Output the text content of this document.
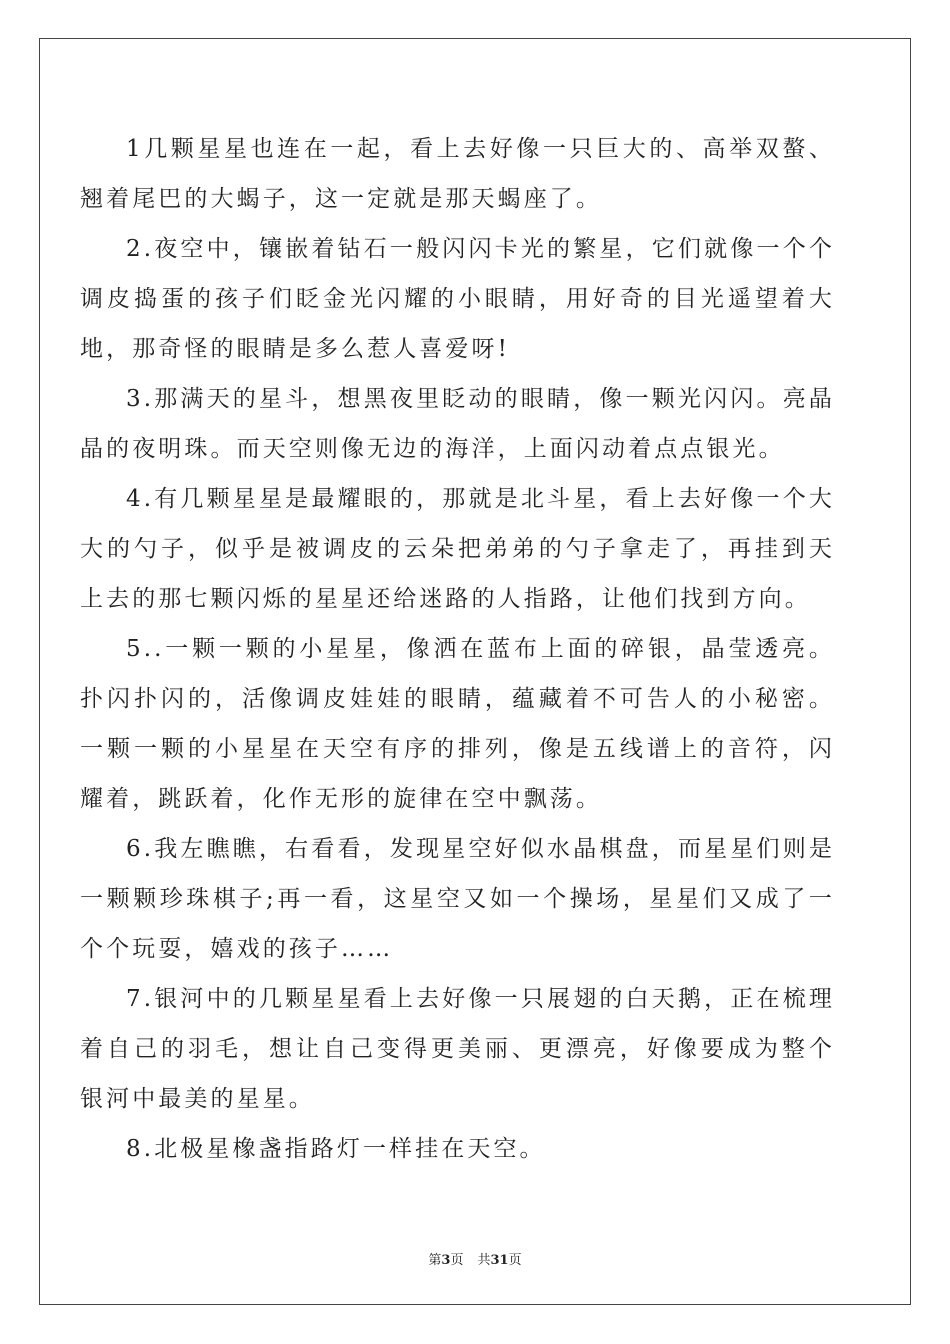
1几颗星星也连在一起，看上去好像一只巨大的、高举双螯、翘着尾巴的大蝎子，这一定就是那天蝎座了。

2.夜空中，镶嵌着钻石一般闪闪卡光的繁星，它们就像一个个调皮捣蛋的孩子们眨金光闪耀的小眼睛，用好奇的目光遥望着大地，那奇怪的眼睛是多么惹人喜爱呀!

3.那满天的星斗，想黑夜里眨动的眼睛，像一颗光闪闪。亮晶晶的夜明珠。而天空则像无边的海洋，上面闪动着点点银光。

4.有几颗星星是最耀眼的，那就是北斗星，看上去好像一个大大的勺子，似乎是被调皮的云朵把弟弟的勺子拿走了，再挂到天上去的那七颗闪烁的星星还给迷路的人指路，让他们找到方向。

5..一颗一颗的小星星，像洒在蓝布上面的碎银，晶莹透亮。扑闪扑闪的，活像调皮娃娃的眼睛，蕴藏着不可告人的小秘密。一颗一颗的小星星在天空有序的排列，像是五线谱上的音符，闪耀着，跳跃着，化作无形的旋律在空中飘荡。

6.我左瞧瞧，右看看，发现星空好似水晶棋盘，而星星们则是一颗颗珍珠棋子;再一看，这星空又如一个操场，星星们又成了一个个玩耍，嬉戏的孩子……

7.银河中的几颗星星看上去好像一只展翅的白天鹅，正在梳理着自己的羽毛，想让自己变得更美丽、更漂亮，好像要成为整个银河中最美的星星。

8.北极星橡盏指路灯一样挂在天空。

第3页 共31页
